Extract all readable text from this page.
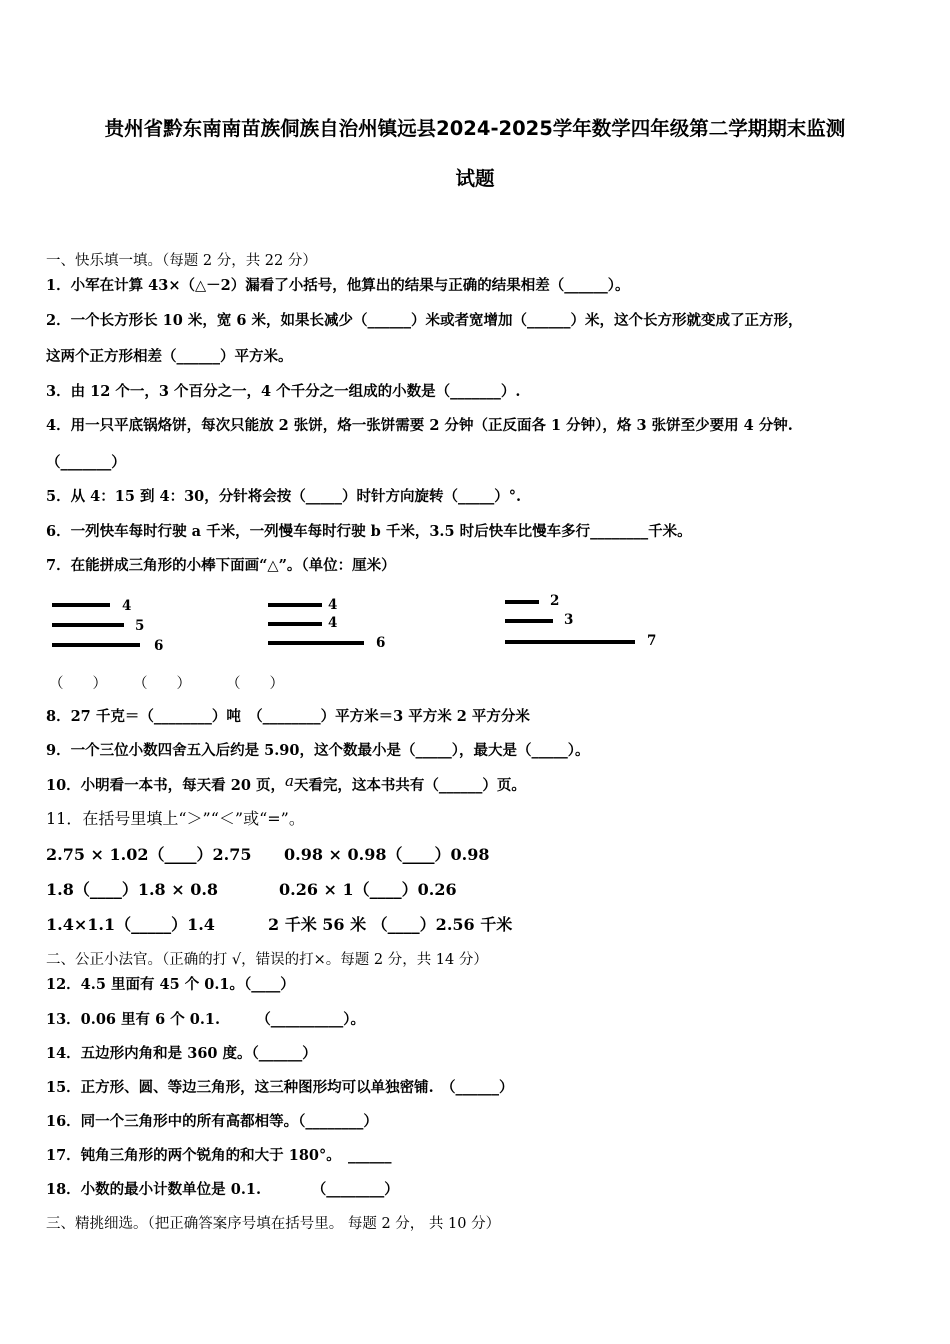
贵州省黔东南南苗族侗族自治州镇远县2024-2025学年数学四年级第二学期期末监测
试题
一、快乐填一填。（每题 2 分，共 22 分）
1．小军在计算 43×（△－2）漏看了小括号，他算出的结果与正确的结果相差（______）。
2．一个长方形长 10 米，宽 6 米，如果长减少（______）米或者宽增加（______）米，这个长方形就变成了正方形，
这两个正方形相差（______）平方米。
3．由 12 个一，3 个百分之一，4 个千分之一组成的小数是（_______）.
4．用一只平底锅烙饼，每次只能放 2 张饼，烙一张饼需要 2 分钟（正反面各 1 分钟），烙 3 张饼至少要用 4 分钟.
（_______）
5．从 4：15 到 4：30，分针将会按（_____）时针方向旋转（_____）°.
6．一列快车每时行驶 a 千米，一列慢车每时行驶 b 千米，3.5 时后快车比慢车多行________千米。
7．在能拼成三角形的小棒下面画“△”。（单位：厘米）
4
5
6
4
4
6
2
3
7
（　　） （　　） （　　）
8．27 千克＝（________）吨　（________）平方米＝3 平方米 2 平方分米
9．一个三位小数四舍五入后约是 5.90，这个数最小是（_____），最大是（_____）。
10．小明看一本书，每天看 20 页，a天看完，这本书共有（______）页。
11．在括号里填上“＞”“＜”或“=”。
2.75 × 1.02（____）2.75 0.98 × 0.98（____）0.98
1.8（____）1.8 × 0.8	0.26 × 1（____）0.26
1.4×1.1（_____）1.4	2 千米 56 米 （____）2.56 千米
二、公正小法官。（正确的打 √，错误的打×。每题 2 分，共 14 分）
12．4.5 里面有 45 个 0.1。（____）
13．0.06 里有 6 个 0.1.　　　（__________）。
14．五边形内角和是 360 度。（______）
15．正方形、圆、等边三角形，这三种图形均可以单独密铺.　（______）
16．同一个三角形中的所有高都相等。（________）
17．钝角三角形的两个锐角的和大于 180°。　______
18．小数的最小计数单位是 0.1.　　　　（________）
三、精挑细选。（把正确答案序号填在括号里。 每题 2 分， 共 10 分）
